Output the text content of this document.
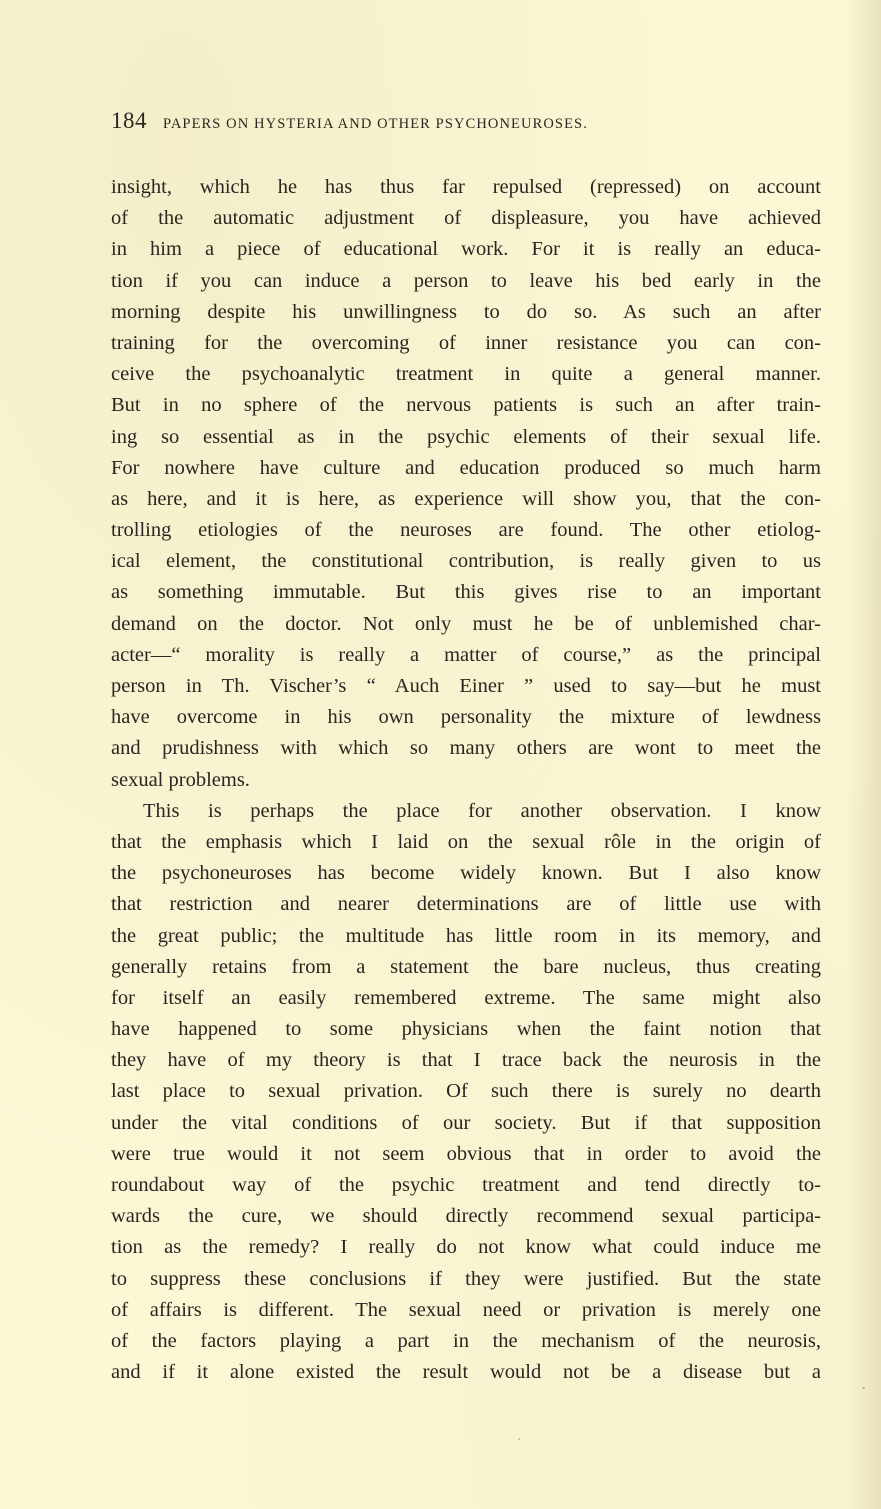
184 PAPERS ON HYSTERIA AND OTHER PSYCHONEUROSES.
insight, which he has thus far repulsed (repressed) on account
of the automatic adjustment of displeasure, you have achieved
in him a piece of educational work. For it is really an educa-
tion if you can induce a person to leave his bed early in the
morning despite his unwillingness to do so. As such an after
training for the overcoming of inner resistance you can con-
ceive the psychoanalytic treatment in quite a general manner.
But in no sphere of the nervous patients is such an after train-
ing so essential as in the psychic elements of their sexual life.
For nowhere have culture and education produced so much harm
as here, and it is here, as experience will show you, that the con-
trolling etiologies of the neuroses are found. The other etiolog-
ical element, the constitutional contribution, is really given to us
as something immutable. But this gives rise to an important
demand on the doctor. Not only must he be of unblemished char-
acter—“ morality is really a matter of course,” as the principal
person in Th. Vischer’s “ Auch Einer ” used to say—but he must
have overcome in his own personality the mixture of lewdness
and prudishness with which so many others are wont to meet the
sexual problems.
This is perhaps the place for another observation. I know
that the emphasis which I laid on the sexual rôle in the origin of
the psychoneuroses has become widely known. But I also know
that restriction and nearer determinations are of little use with
the great public; the multitude has little room in its memory, and
generally retains from a statement the bare nucleus, thus creating
for itself an easily remembered extreme. The same might also
have happened to some physicians when the faint notion that
they have of my theory is that I trace back the neurosis in the
last place to sexual privation. Of such there is surely no dearth
under the vital conditions of our society. But if that supposition
were true would it not seem obvious that in order to avoid the
roundabout way of the psychic treatment and tend directly to-
wards the cure, we should directly recommend sexual participa-
tion as the remedy? I really do not know what could induce me
to suppress these conclusions if they were justified. But the state
of affairs is different. The sexual need or privation is merely one
of the factors playing a part in the mechanism of the neurosis,
and if it alone existed the result would not be a disease but a
